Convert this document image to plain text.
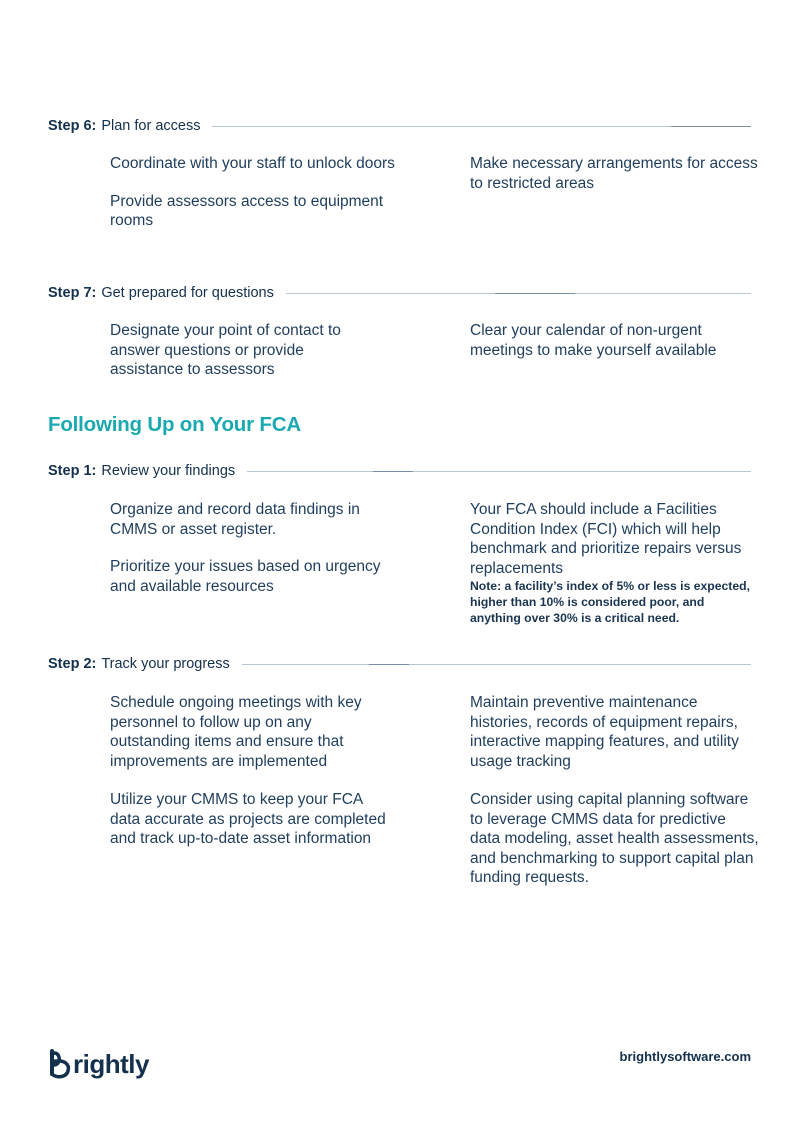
Step 6: Plan for access

Coordinate with your staff to unlock doors

Provide assessors access to equipment rooms

Make necessary arrangements for access to restricted areas

Step 7: Get prepared for questions

Designate your point of contact to answer questions or provide assistance to assessors

Clear your calendar of non-urgent meetings to make yourself available

Following Up on Your FCA
Step 1: Review your findings

Organize and record data findings in CMMS or asset register.

Prioritize your issues based on urgency and available resources

Your FCA should include a Facilities Condition Index (FCI) which will help benchmark and prioritize repairs versus replacements

Note: a facility’s index of 5% or less is expected, higher than 10% is considered poor, and anything over 30% is a critical need.

Step 2: Track your progress

Schedule ongoing meetings with key personnel to follow up on any outstanding items and ensure that improvements are implemented

Utilize your CMMS to keep your FCA data accurate as projects are completed and track up-to-date asset information

Maintain preventive maintenance histories, records of equipment repairs, interactive mapping features, and utility usage tracking

Consider using capital planning software to leverage CMMS data for predictive data modeling, asset health assessments, and benchmarking to support capital plan funding requests.

rightly	brightlysoftware.com
